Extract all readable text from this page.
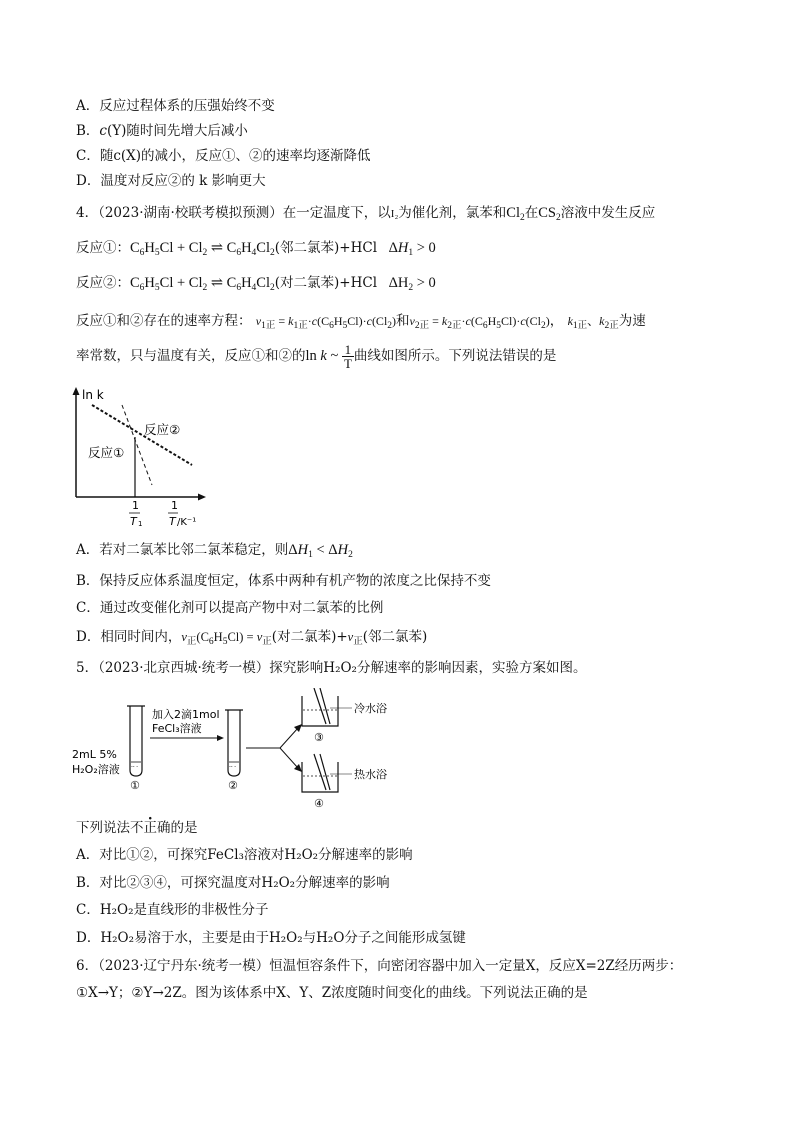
A．反应过程体系的压强始终不变
B．c(Y)随时间先增大后减小
C．随c(X)的减小，反应①、②的速率均逐渐降低
D．温度对反应②的 k 影响更大
4．（2023·湖南·校联考模拟预测）在一定温度下，以I₂为催化剂，氯苯和$Cl_2$在$CS_2$溶液中发生反应
反应①：$C_6H_5Cl + Cl_2$ ⇌ $C_6H_4Cl_2$(邻二氯苯)+HCl   $\Delta H_1 > 0$
反应②：$C_6H_5Cl + Cl_2$ ⇌ $C_6H_4Cl_2$(对二氯苯)+HCl   $\Delta H_2 > 0$
反应①和②存在的速率方程： $v_{1正} = k_{1正}\cdot c(C_6H_5Cl)\cdot c(Cl_2)$和$v_{2正} = k_{2正}\cdot c(C_6H_5Cl)\cdot c(Cl_2)$， $k_{1正}$、$k_{2正}$为速
率常数，只与温度有关，反应①和②的ln k ~ $\frac{1}{T}$ 曲线如图所示。下列说法错误的是
ln k
反应②
反应①
1
T 1
1
T /K⁻¹
A．若对二氯苯比邻二氯苯稳定，则$\Delta H_1 < \Delta H_2$
B．保持反应体系温度恒定，体系中两种有机产物的浓度之比保持不变
C．通过改变催化剂可以提高产物中对二氯苯的比例
D．相同时间内，$v_正(C_6H_5Cl) = v_正$(对二氯苯)$+v_正$(邻二氯苯)
5．（2023·北京西城·统考一模）探究影响H₂O₂分解速率的影响因素，实验方案如图。
-- -
①
2mL 5%
H₂O₂溶液
加入2滴1mol
FeCl₃溶液
-- -
②
③
冷水浴
④
热水浴
下列说法不正确的是
A．对比①②，可探究FeCl₃溶液对H₂O₂分解速率的影响
B．对比②③④，可探究温度对H₂O₂分解速率的影响
C．H₂O₂是直线形的非极性分子
D．H₂O₂易溶于水，主要是由于H₂O₂与H₂O分子之间能形成氢键
6．（2023·辽宁丹东·统考一模）恒温恒容条件下，向密闭容器中加入一定量X，反应X=2Z经历两步：
①X→Y；②Y→2Z。图为该体系中X、Y、Z浓度随时间变化的曲线。下列说法正确的是
